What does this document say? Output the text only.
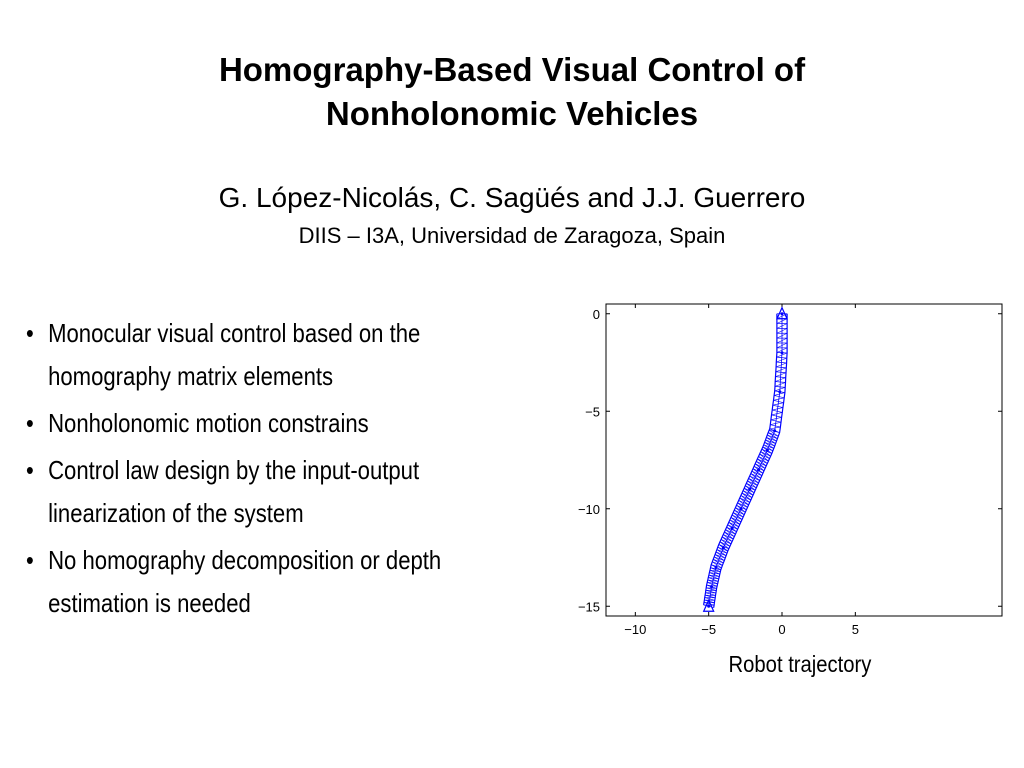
Homography-Based Visual Control of
Nonholonomic Vehicles
G. López-Nicolás, C. Sagüés and J.J. Guerrero
DIIS – I3A, Universidad de Zaragoza, Spain
• Monocular visual control based on the
homography matrix elements
• Nonholonomic motion constrains
• Control law design by the input-output
linearization of the system
• No homography decomposition or depth
estimation is needed
−10	−5	0	5
0
−5
−10
−15
Robot trajectory
